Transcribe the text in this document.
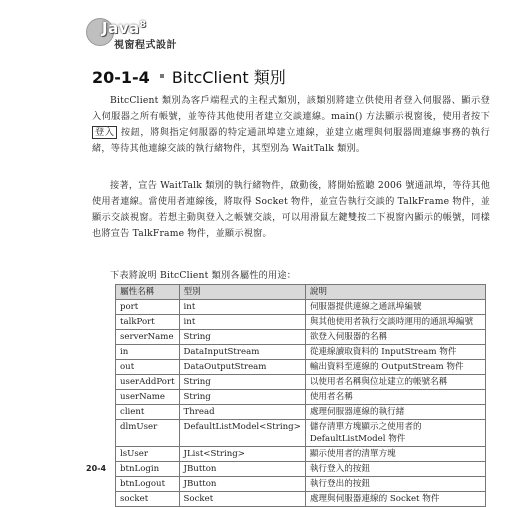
Java$^8$
視窗程式設計
20-1-4 BitcClient 類別
BitcClient 類別為客戶端程式的主程式類別，該類別將建立供使用者登入伺服器、顯示登入伺服器之所有帳號，並等待其他使用者建立交談連線。main() 方法顯示視窗後，使用者按下 登入 按鈕，將與指定伺服器的特定通訊埠建立連線，並建立處理與伺服器間連線事務的執行緒，等待其他連線交談的執行緒物件，其型別為 WaitTalk 類別。
接著，宣告 WaitTalk 類別的執行緒物件，啟動後，將開始監聽 2006 號通訊埠，等待其他使用者連線。當使用者連線後，將取得 Socket 物件，並宣告執行交談的 TalkFrame 物件，並顯示交談視窗。若想主動與登入之帳號交談，可以用滑鼠左鍵雙按二下視窗內顯示的帳號，同樣也將宣告 TalkFrame 物件，並顯示視窗。
下表將說明 BitcClient 類別各屬性的用途：
屬性名稱	型別	說明
port	int	伺服器提供連線之通訊埠編號
talkPort	int	與其他使用者執行交談時運用的通訊埠編號
serverName	String	欲登入伺服器的名稱
in	DataInputStream	從連線讀取資料的 InputStream 物件
out	DataOutputStream	輸出資料至連線的 OutputStream 物件
userAddPort	String	以使用者名稱與位址建立的帳號名稱
userName	String	使用者名稱
client	Thread	處理伺服器連線的執行緒
dlmUser	DefaultListModel<String>	儲存清單方塊顯示之使用者的 DefaultListModel 物件
lsUser	JList<String>	顯示使用者的清單方塊
btnLogin	JButton	執行登入的按鈕
btnLogout	JButton	執行登出的按鈕
socket	Socket	處理與伺服器連線的 Socket 物件
20-4
